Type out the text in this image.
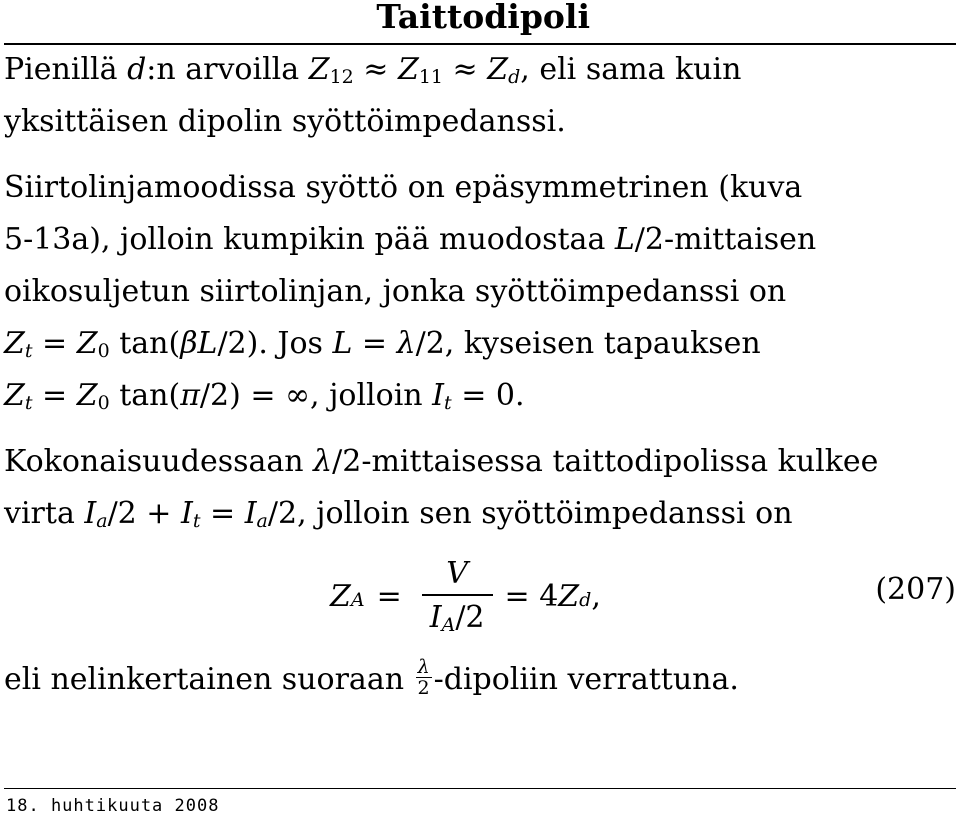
Taittodipoli
Pienillä d:n arvoilla $Z_{12} \approx Z_{11} \approx Z_d$, eli sama kuin
yksittäisen dipolin syöttöimpedanssi.
Siirtolinjamoodissa syöttö on epäsymmetrinen (kuva
5-13a), jolloin kumpikin pää muodostaa L/2-mittaisen
oikosuljetun siirtolinjan, jonka syöttöimpedanssi on
$Z_t = Z_0$ tan(βL/2). Jos L = λ/2, kyseisen tapauksen
$Z_t = Z_0$ tan(π/2) = ∞, jolloin $I_t = 0$.
Kokonaisuudessaan λ/2-mittaisessa taittodipolissa kulkee
virta $I_a/2 + I_t = I_a/2$, jolloin sen syöttöimpedanssi on
$Z_A = \frac{V}{I_A/2} = 4$ $Z_d$ ,	(207)
eli nelinkertainen suoraan $\frac{\lambda}{2}$ -dipoliin verrattuna.
18. huhtikuuta 2008
